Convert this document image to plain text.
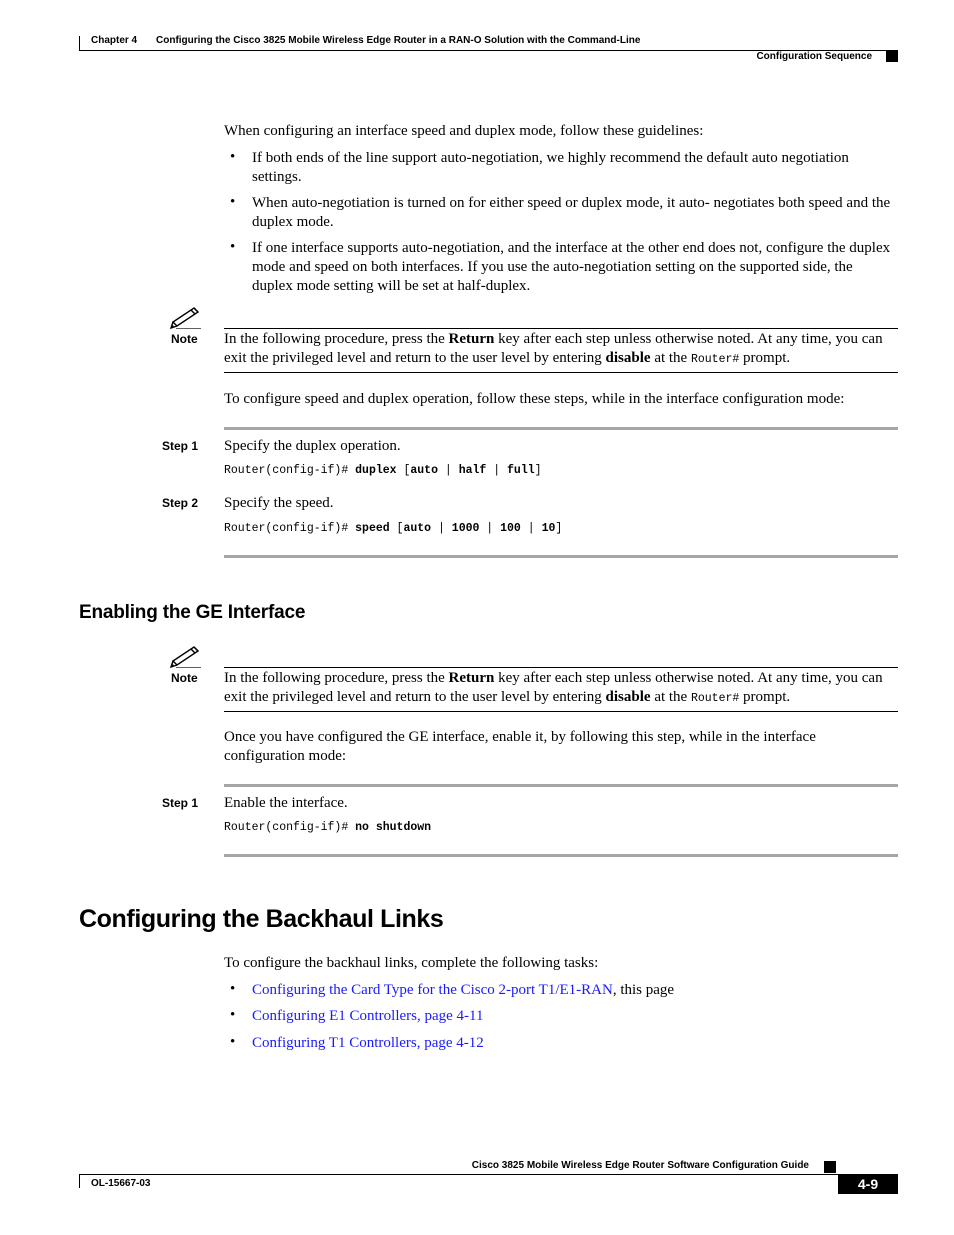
Chapter 4 Configuring the Cisco 3825 Mobile Wireless Edge Router in a RAN-O Solution with the Command-Line
Configuration Sequence
When configuring an interface speed and duplex mode, follow these guidelines:
• If both ends of the line support auto-negotiation, we highly recommend the default auto negotiation settings.
• When auto-negotiation is turned on for either speed or duplex mode, it auto- negotiates both speed and the duplex mode.
• If one interface supports auto-negotiation, and the interface at the other end does not, configure the duplex mode and speed on both interfaces. If you use the auto-negotiation setting on the supported side, the duplex mode setting will be set at half-duplex.
Note In the following procedure, press the Return key after each step unless otherwise noted. At any time, you can exit the privileged level and return to the user level by entering disable at the Router# prompt.
To configure speed and duplex operation, follow these steps, while in the interface configuration mode:
Step 1 Specify the duplex operation.
Router(config-if)# duplex [auto | half | full]
Step 2 Specify the speed.
Router(config-if)# speed [auto | 1000 | 100 | 10]
Enabling the GE Interface
Note In the following procedure, press the Return key after each step unless otherwise noted. At any time, you can exit the privileged level and return to the user level by entering disable at the Router# prompt.
Once you have configured the GE interface, enable it, by following this step, while in the interface configuration mode:
Step 1 Enable the interface.
Router(config-if)# no shutdown
Configuring the Backhaul Links
To configure the backhaul links, complete the following tasks:
• Configuring the Card Type for the Cisco 2-port T1/E1-RAN, this page
• Configuring E1 Controllers, page 4-11
• Configuring T1 Controllers, page 4-12
Cisco 3825 Mobile Wireless Edge Router Software Configuration Guide
OL-15667-03	4-9
